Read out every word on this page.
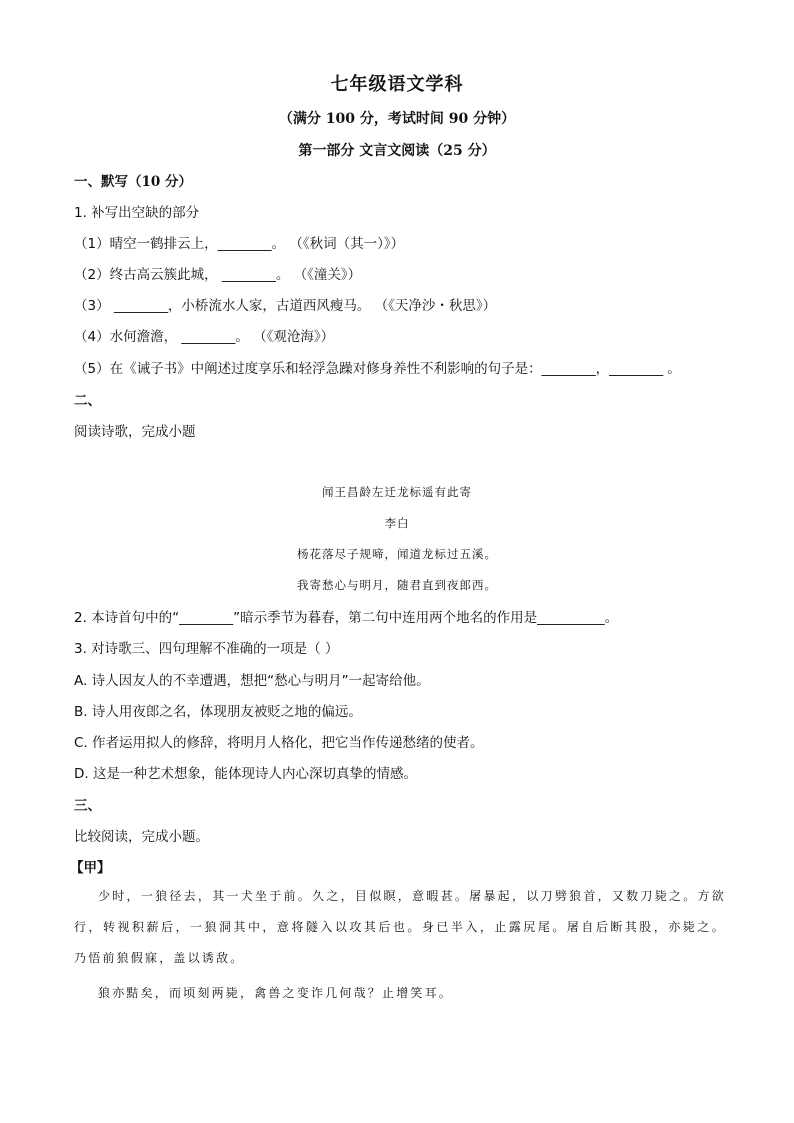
七年级语文学科
（满分 100 分，考试时间 90 分钟）
第一部分 文言文阅读（25 分）
一、默写（10 分）
1. 补写出空缺的部分
（1）晴空一鹤排云上，________。 （《秋词（其一）》）
（2）终古高云簇此城， ________。 （《潼关》）
（3） ________，小桥流水人家，古道西风瘦马。 （《天净沙・秋思》）
（4）水何澹澹， ________。 （《观沧海》）
（5）在《诫子书》中阐述过度享乐和轻浮急躁对修身养性不利影响的句子是：________，________ 。
二、
阅读诗歌，完成小题
闻王昌龄左迁龙标遥有此寄
李白
杨花落尽子规啼，闻道龙标过五溪。
我寄愁心与明月，随君直到夜郎西。
2. 本诗首句中的“________”暗示季节为暮春，第二句中连用两个地名的作用是__________。
3. 对诗歌三、四句理解不准确的一项是（ ）
A. 诗人因友人的不幸遭遇，想把“愁心与明月”一起寄给他。
B. 诗人用夜郎之名，体现朋友被贬之地的偏远。
C. 作者运用拟人的修辞，将明月人格化，把它当作传递愁绪的使者。
D. 这是一种艺术想象，能体现诗人内心深切真挚的情感。
三、
比较阅读，完成小题。
【甲】
少时，一狼径去，其一犬坐于前。久之，目似瞑，意暇甚。屠暴起，以刀劈狼首，又数刀毙之。方欲行，转视积薪后，一狼洞其中，意将隧入以攻其后也。身已半入，止露尻尾。屠自后断其股，亦毙之。乃悟前狼假寐，盖以诱敌。
狼亦黠矣，而顷刻两毙，禽兽之变诈几何哉？止增笑耳。
